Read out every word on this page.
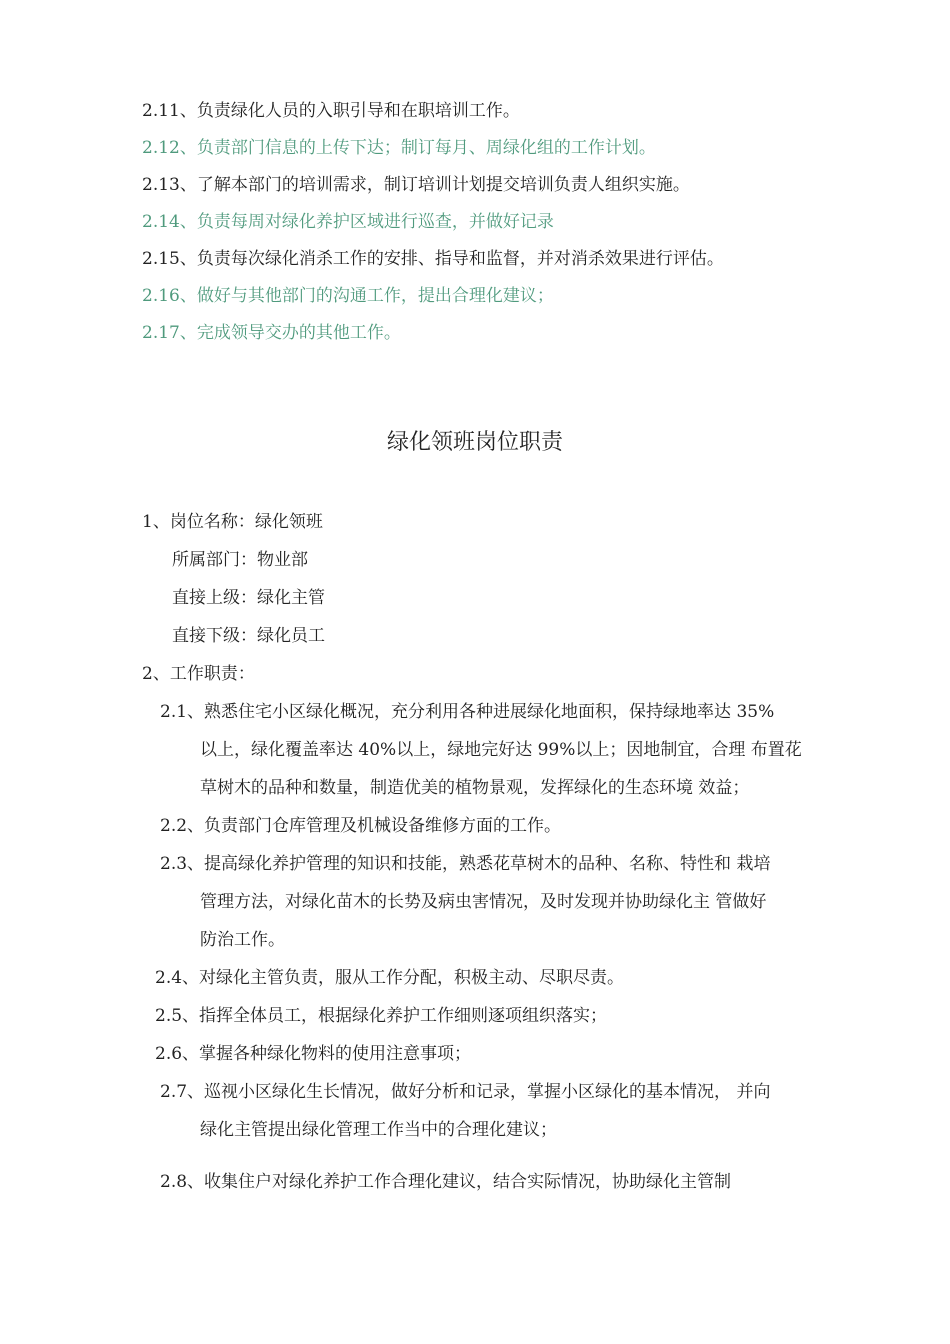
2.11、负责绿化人员的入职引导和在职培训工作。
2.12、负责部门信息的上传下达；制订每月、周绿化组的工作计划。
2.13、了解本部门的培训需求，制订培训计划提交培训负责人组织实施。
2.14、负责每周对绿化养护区域进行巡查，并做好记录
2.15、负责每次绿化消杀工作的安排、指导和监督，并对消杀效果进行评估。
2.16、做好与其他部门的沟通工作，提出合理化建议；
2.17、完成领导交办的其他工作。
绿化领班岗位职责
1、岗位名称：绿化领班
所属部门：物业部
直接上级：绿化主管
直接下级：绿化员工
2、工作职责：
2.1、熟悉住宅小区绿化概况，充分利用各种进展绿化地面积，保持绿地率达 35%
以上，绿化覆盖率达 40%以上，绿地完好达 99%以上；因地制宜，合理 布置花
草树木的品种和数量，制造优美的植物景观，发挥绿化的生态环境 效益；
2.2、负责部门仓库管理及机械设备维修方面的工作。
2.3、提高绿化养护管理的知识和技能，熟悉花草树木的品种、名称、特性和 栽培
管理方法，对绿化苗木的长势及病虫害情况，及时发现并协助绿化主 管做好
防治工作。
2.4、对绿化主管负责，服从工作分配，积极主动、尽职尽责。
2.5、指挥全体员工，根据绿化养护工作细则逐项组织落实；
2.6、掌握各种绿化物料的使用注意事项；
2.7、巡视小区绿化生长情况，做好分析和记录，掌握小区绿化的基本情况， 并向
绿化主管提出绿化管理工作当中的合理化建议；
2.8、收集住户对绿化养护工作合理化建议，结合实际情况，协助绿化主管制
